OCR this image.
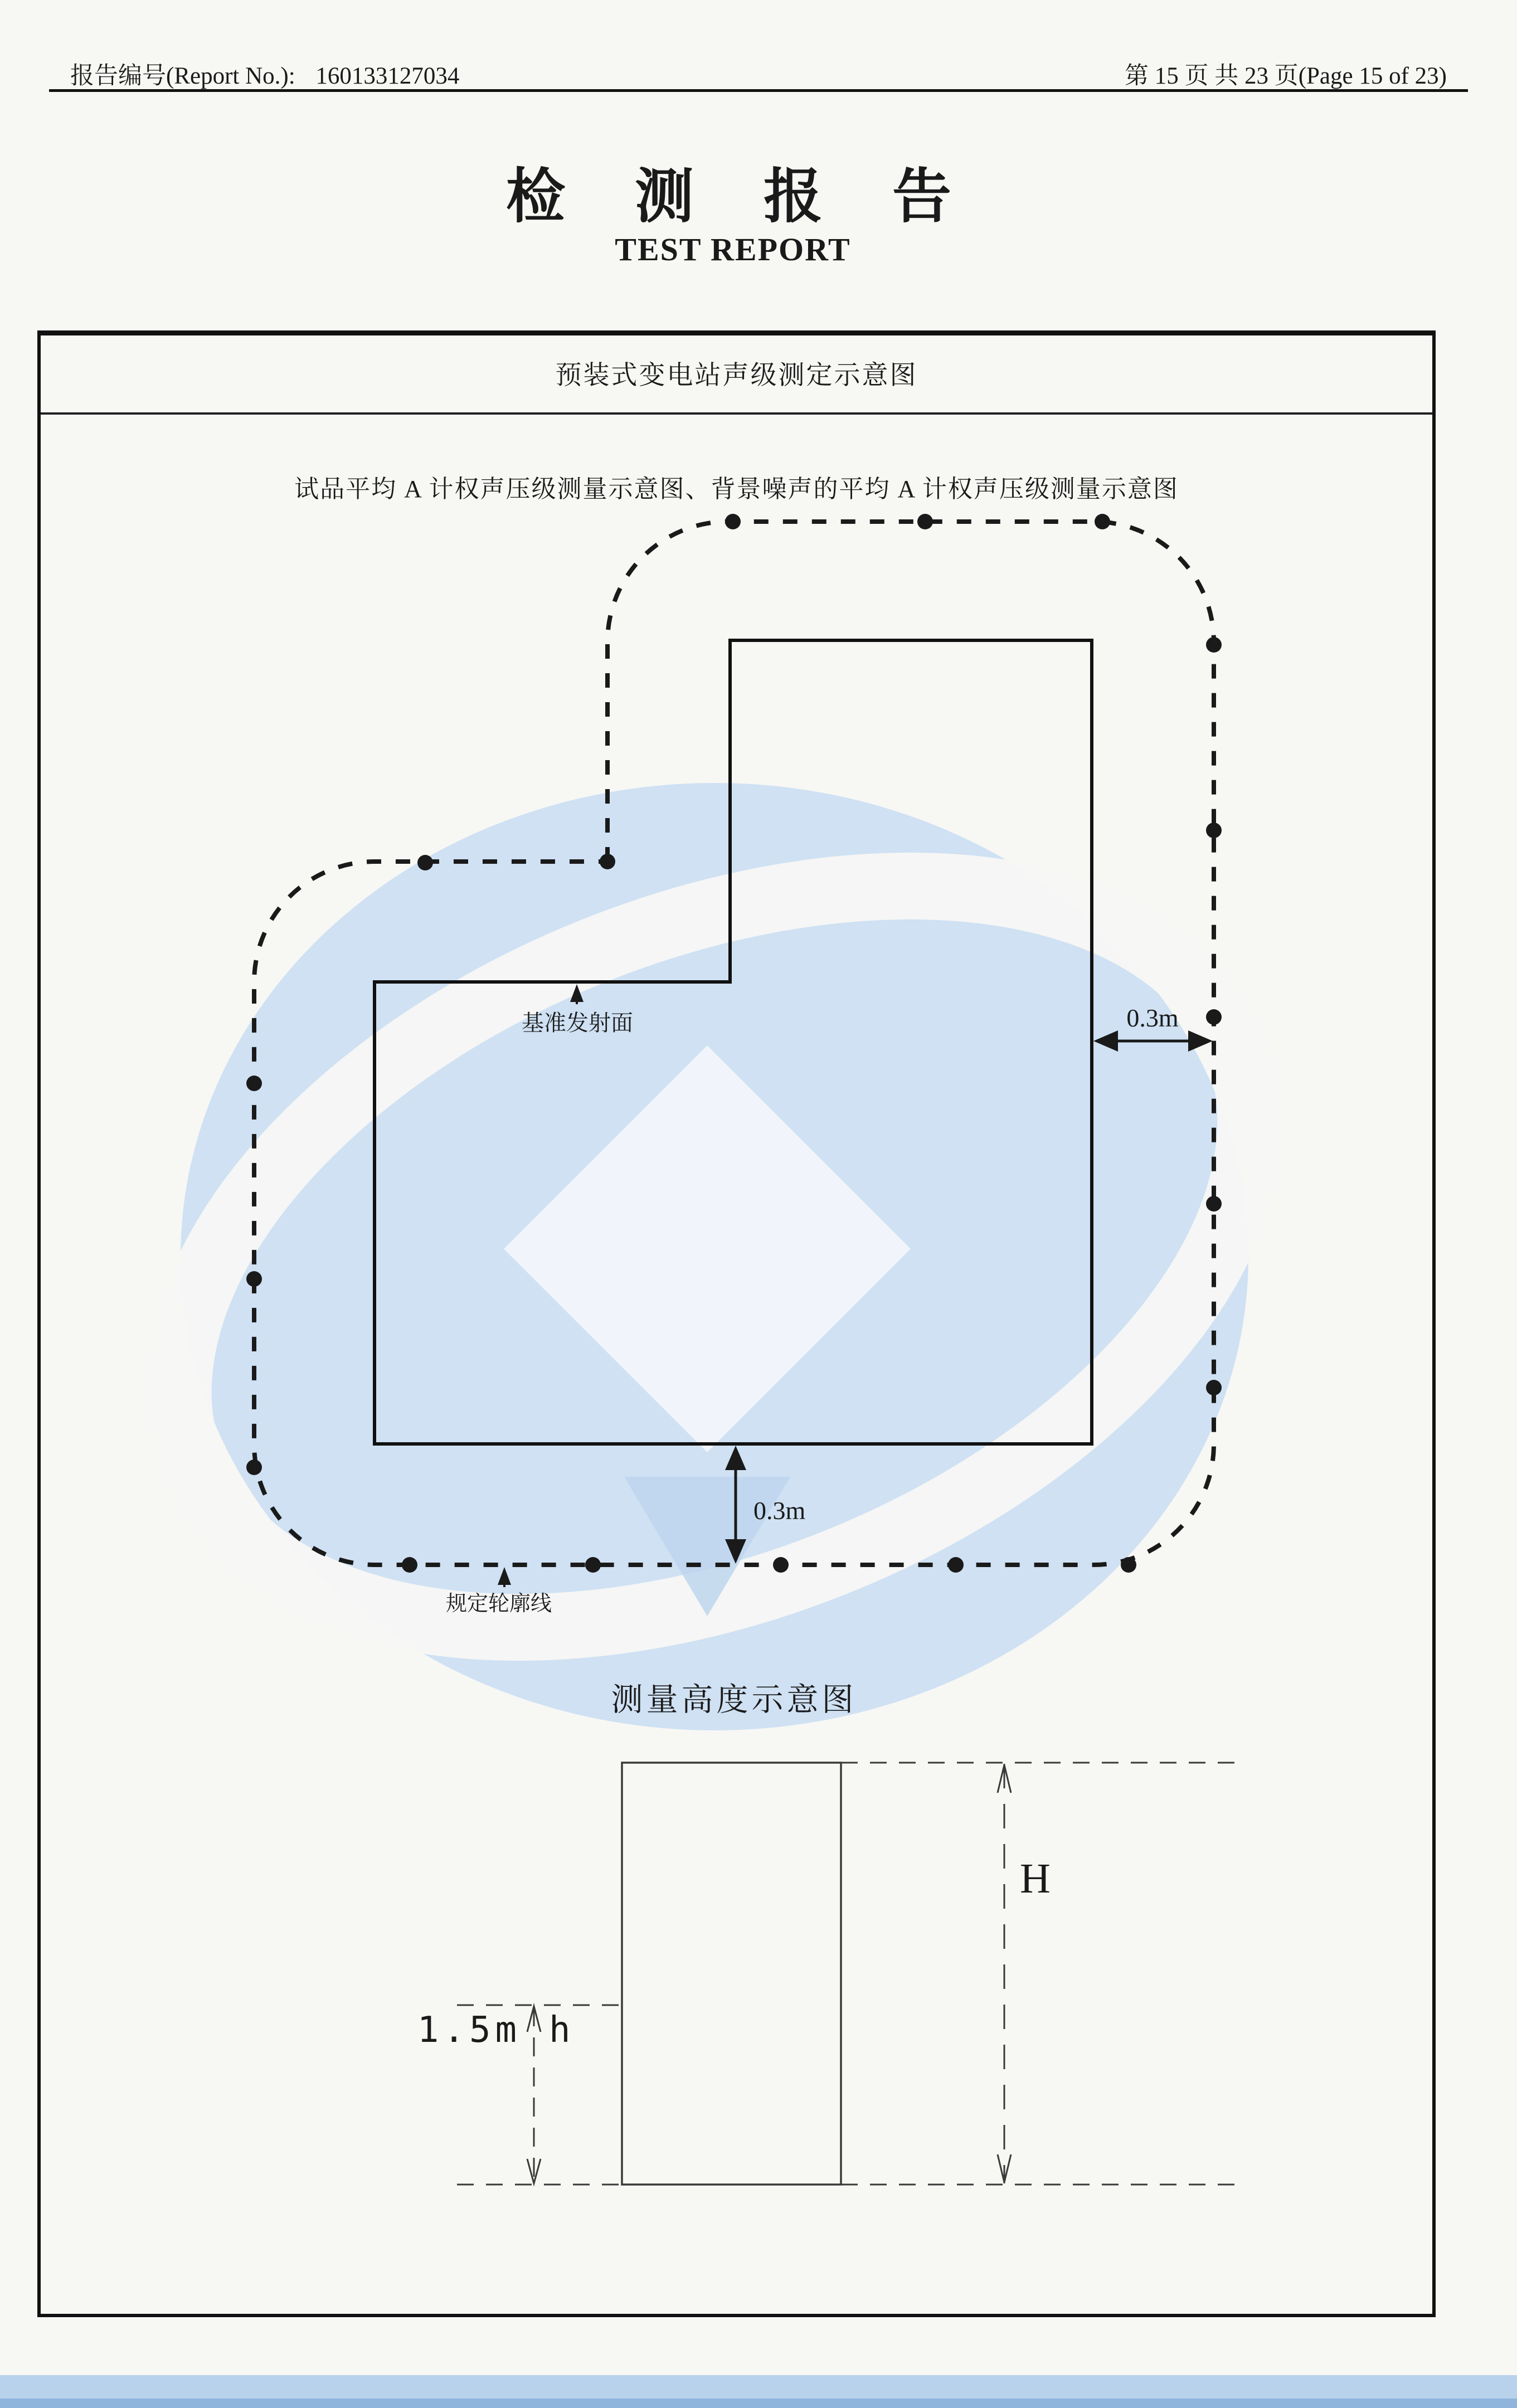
报告编号(Report No.): 160133127034	第 15 页 共 23 页(Page 15 of 23)
检测报告
TEST REPORT
预装式变电站声级测定示意图
试品平均 A 计权声压级测量示意图、背景噪声的平均 A 计权声压级测量示意图
基准发射面	0.3m
0.3m
规定轮廓线
测量高度示意图
H
1.5m h
